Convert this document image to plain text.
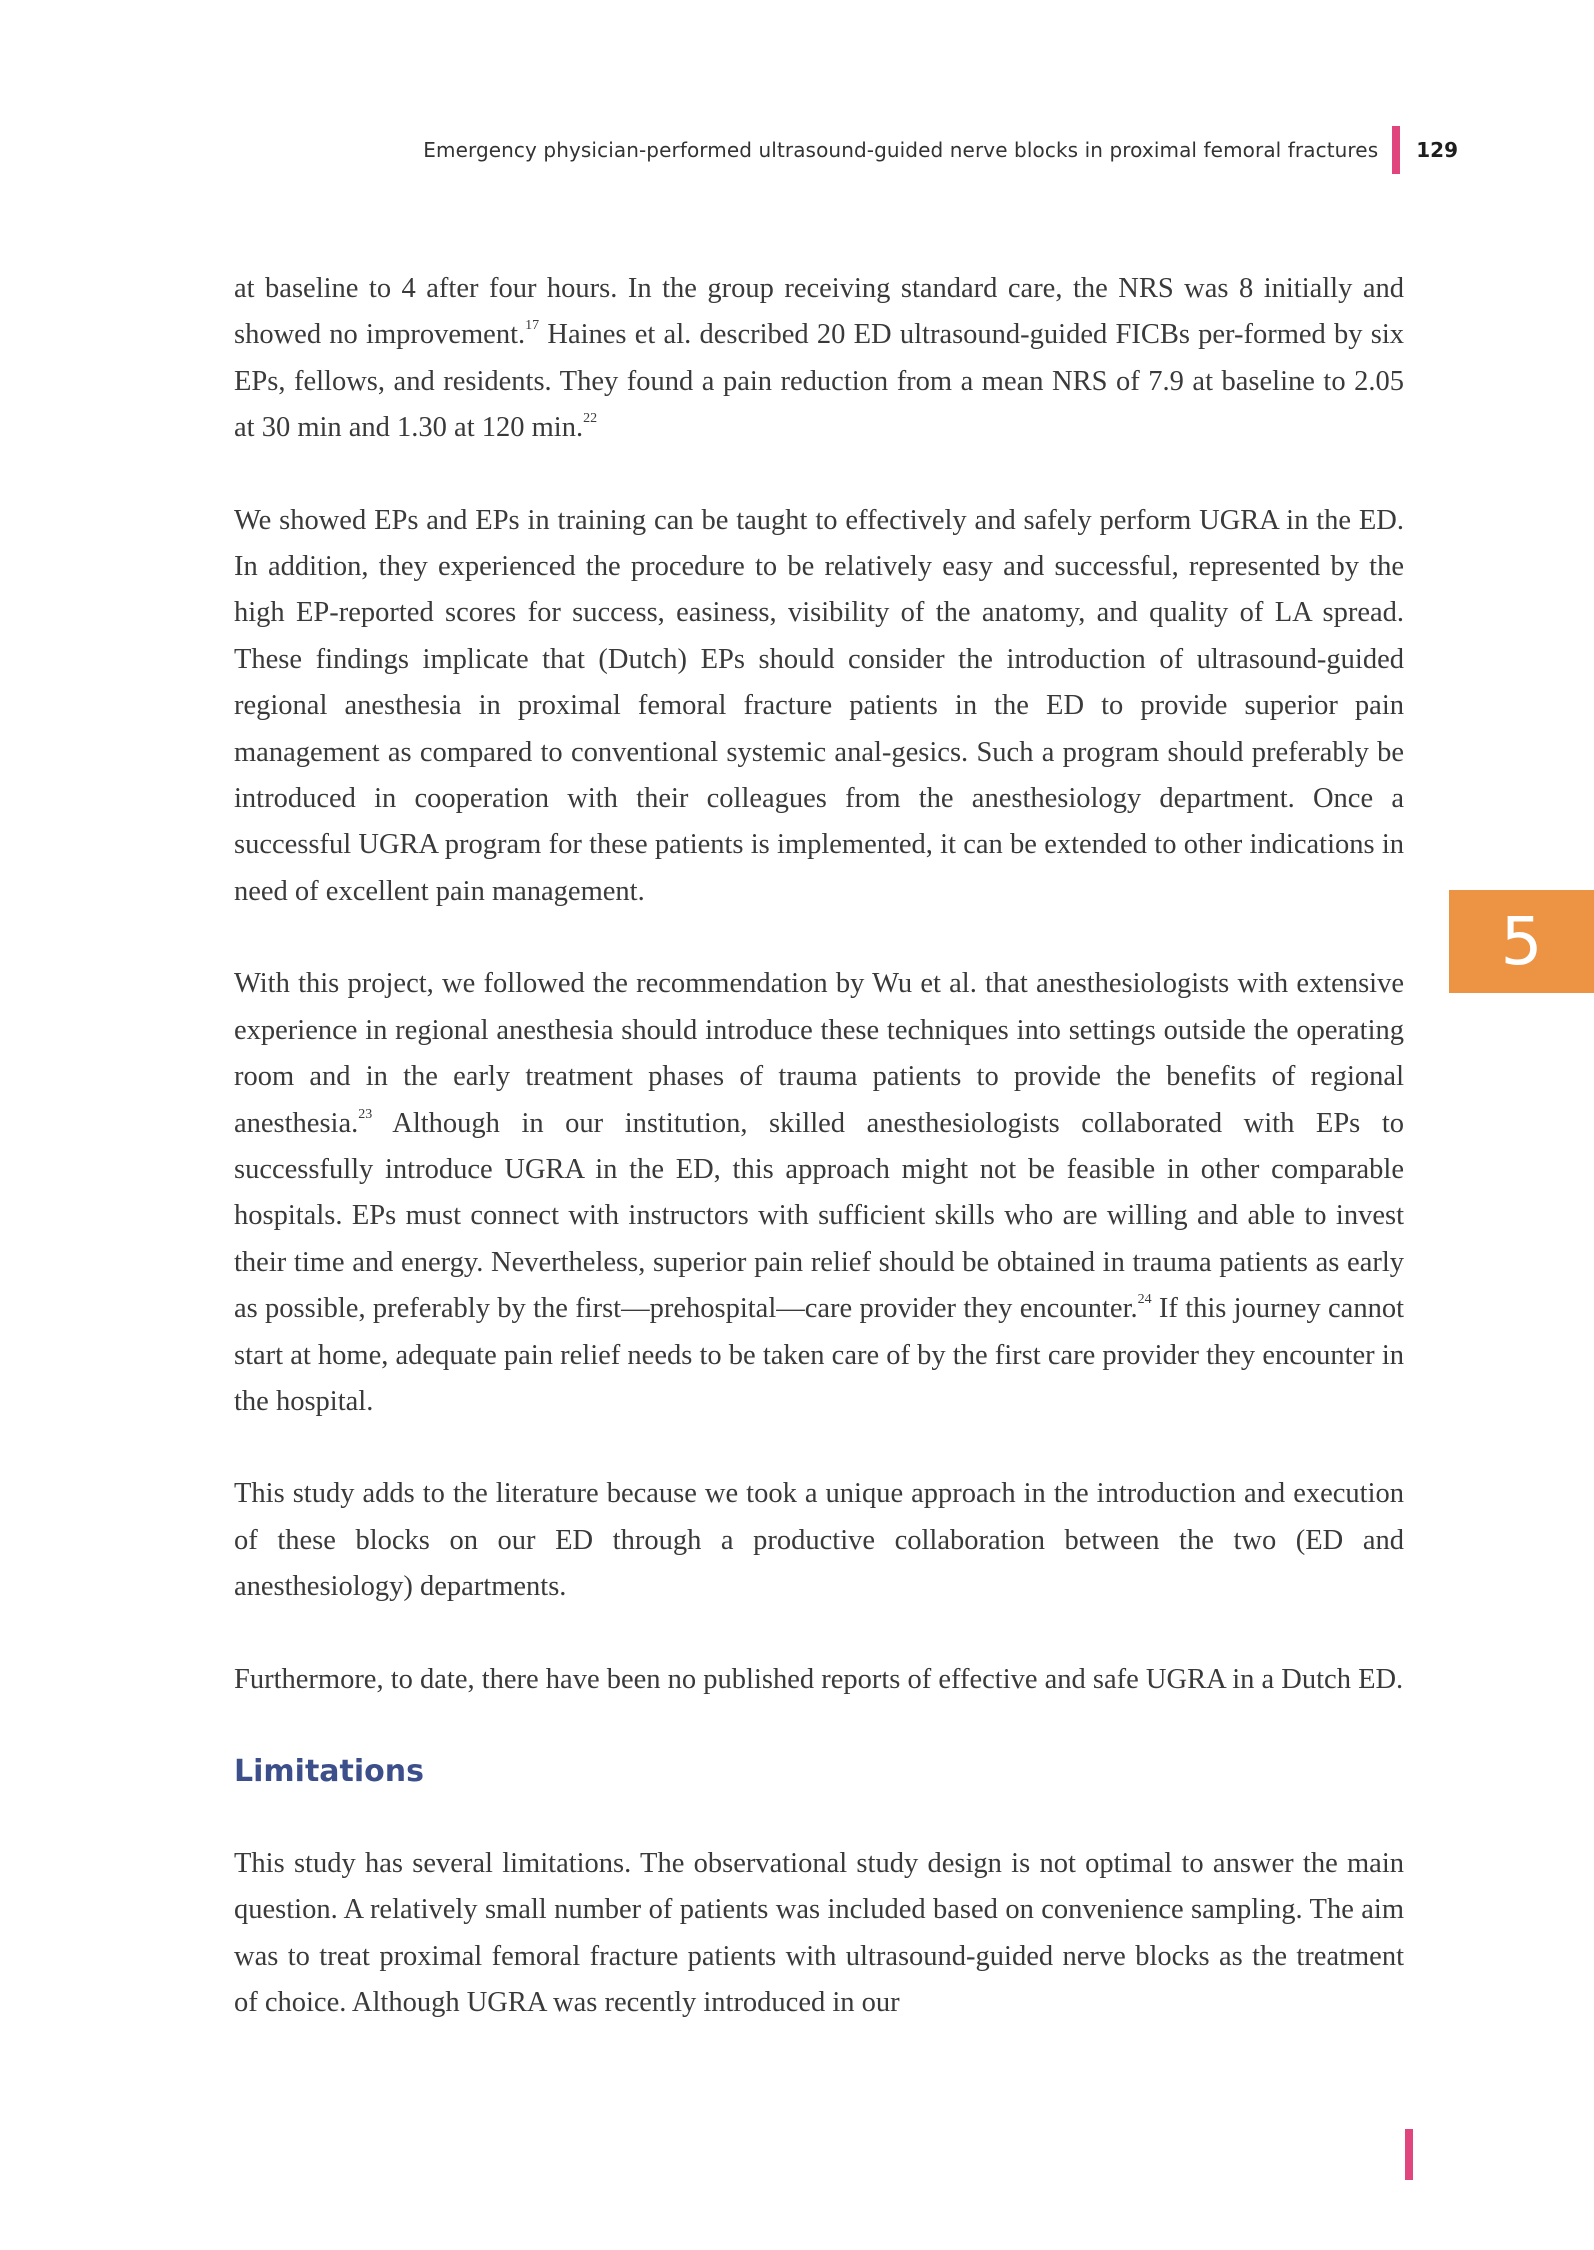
Emergency physician-performed ultrasound-guided nerve blocks in proximal femoral fractures 129
5

at baseline to 4 after four hours. In the group receiving standard care, the NRS was 8 initially and showed no improvement.$^{17}$ Haines et al. described 20 ED ultrasound-guided FICBs per-formed by six EPs, fellows, and residents. They found a pain reduction from a mean NRS of 7.9 at baseline to 2.05 at 30 min and 1.30 at 120 min.$^{22}$

We showed EPs and EPs in training can be taught to effectively and safely perform UGRA in the ED. In addition, they experienced the procedure to be relatively easy and successful, represented by the high EP-reported scores for success, easiness, visibility of the anatomy, and quality of LA spread. These findings implicate that (Dutch) EPs should consider the introduction of ultrasound-guided regional anesthesia in proximal femoral fracture patients in the ED to provide superior pain management as compared to conventional systemic anal-gesics. Such a program should preferably be introduced in cooperation with their colleagues from the anesthesiology department. Once a successful UGRA program for these patients is implemented, it can be extended to other indications in need of excellent pain management.

With this project, we followed the recommendation by Wu et al. that anesthesiologists with extensive experience in regional anesthesia should introduce these techniques into settings outside the operating room and in the early treatment phases of trauma patients to provide the benefits of regional anesthesia.$^{23}$ Although in our institution, skilled anesthesiologists collaborated with EPs to successfully introduce UGRA in the ED, this approach might not be feasible in other comparable hospitals. EPs must connect with instructors with sufficient skills who are willing and able to invest their time and energy. Nevertheless, superior pain relief should be obtained in trauma patients as early as possible, preferably by the first—prehospital—care provider they encounter.$^{24}$ If this journey cannot start at home, adequate pain relief needs to be taken care of by the first care provider they encounter in the hospital.

This study adds to the literature because we took a unique approach in the introduction and execution of these blocks on our ED through a productive collaboration between the two (ED and anesthesiology) departments.

Furthermore, to date, there have been no published reports of effective and safe UGRA in a Dutch ED.

Limitations

This study has several limitations. The observational study design is not optimal to answer the main question. A relatively small number of patients was included based on convenience sampling. The aim was to treat proximal femoral fracture patients with ultrasound-guided nerve blocks as the treatment of choice. Although UGRA was recently introduced in our
